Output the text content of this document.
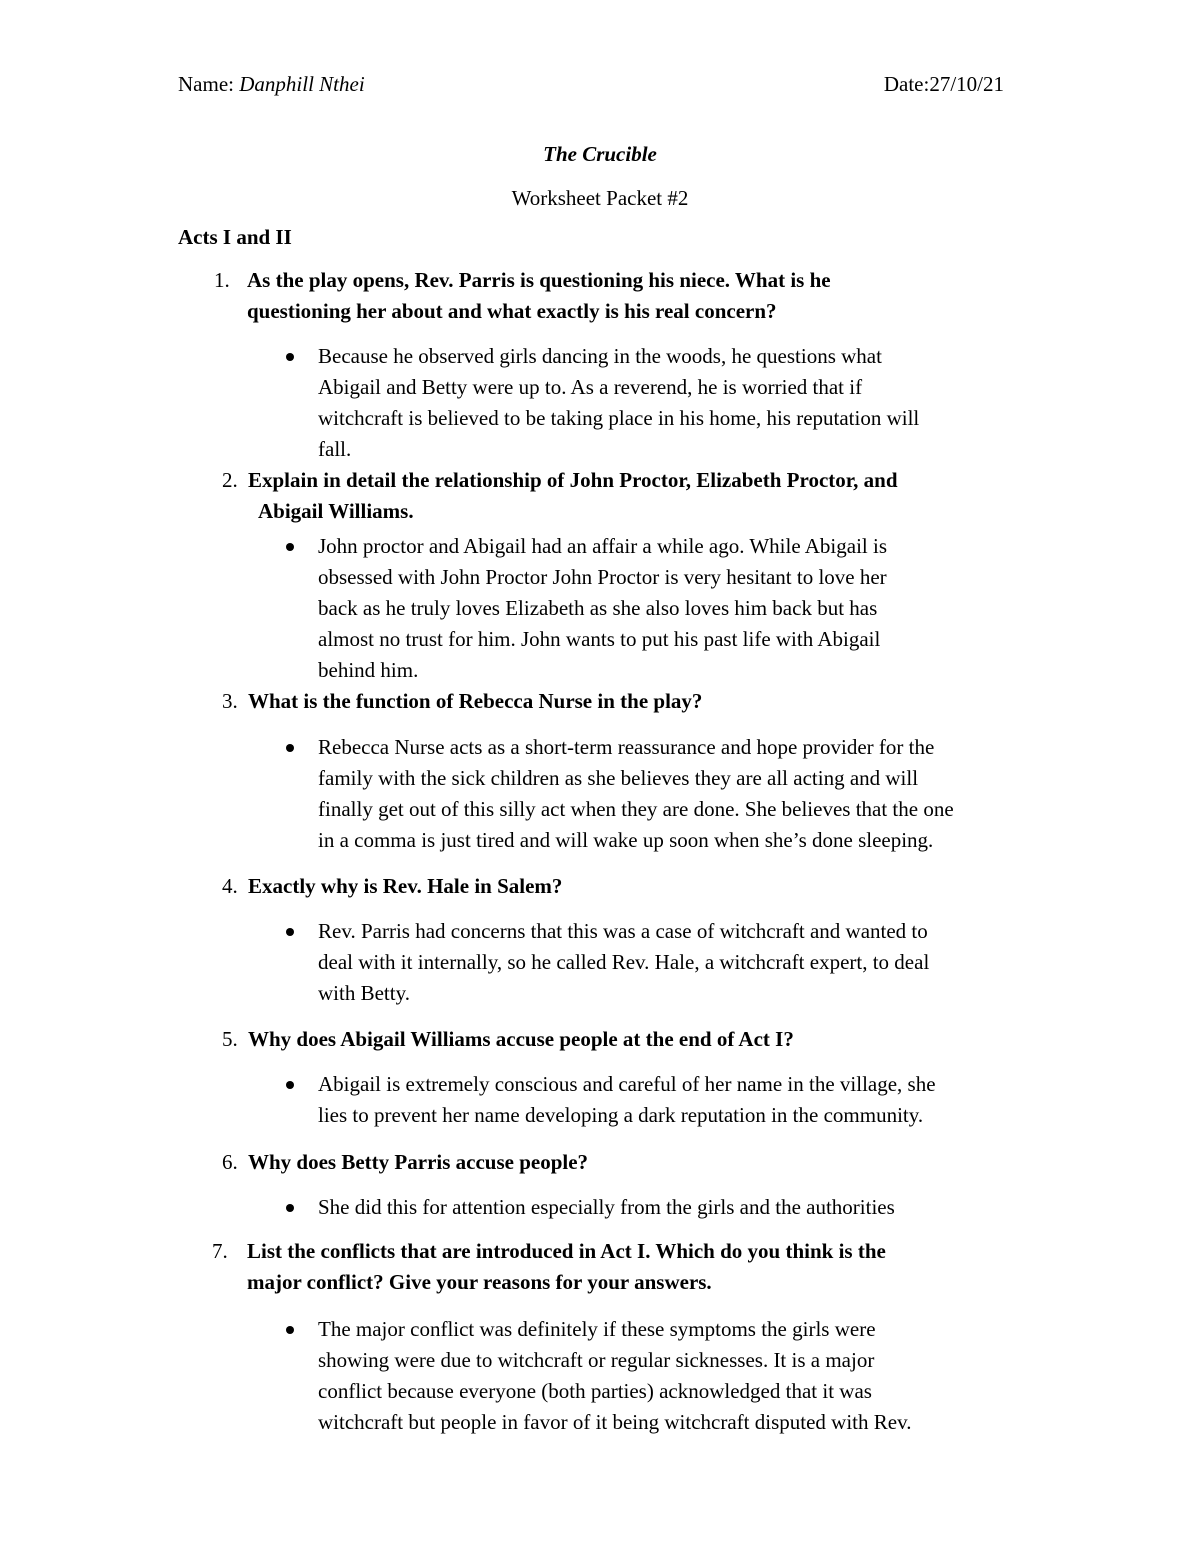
Name: Danphill Nthei	Date:27/10/21
The Crucible
Worksheet Packet #2
Acts I and II
1. As the play opens, Rev. Parris is questioning his niece. What is he
questioning her about and what exactly is his real concern?
Because he observed girls dancing in the woods, he questions what
Abigail and Betty were up to. As a reverend, he is worried that if
witchcraft is believed to be taking place in his home, his reputation will
fall.
2. Explain in detail the relationship of John Proctor, Elizabeth Proctor, and
Abigail Williams.
John proctor and Abigail had an affair a while ago. While Abigail is
obsessed with John Proctor John Proctor is very hesitant to love her
back as he truly loves Elizabeth as she also loves him back but has
almost no trust for him. John wants to put his past life with Abigail
behind him.
3. What is the function of Rebecca Nurse in the play?
Rebecca Nurse acts as a short-term reassurance and hope provider for the
family with the sick children as she believes they are all acting and will
finally get out of this silly act when they are done. She believes that the one
in a comma is just tired and will wake up soon when she’s done sleeping.
4. Exactly why is Rev. Hale in Salem?
Rev. Parris had concerns that this was a case of witchcraft and wanted to
deal with it internally, so he called Rev. Hale, a witchcraft expert, to deal
with Betty.
5. Why does Abigail Williams accuse people at the end of Act I?
Abigail is extremely conscious and careful of her name in the village, she
lies to prevent her name developing a dark reputation in the community.
6. Why does Betty Parris accuse people?
She did this for attention especially from the girls and the authorities
7. List the conflicts that are introduced in Act I. Which do you think is the
major conflict? Give your reasons for your answers.
The major conflict was definitely if these symptoms the girls were
showing were due to witchcraft or regular sicknesses. It is a major
conflict because everyone (both parties) acknowledged that it was
witchcraft but people in favor of it being witchcraft disputed with Rev.
